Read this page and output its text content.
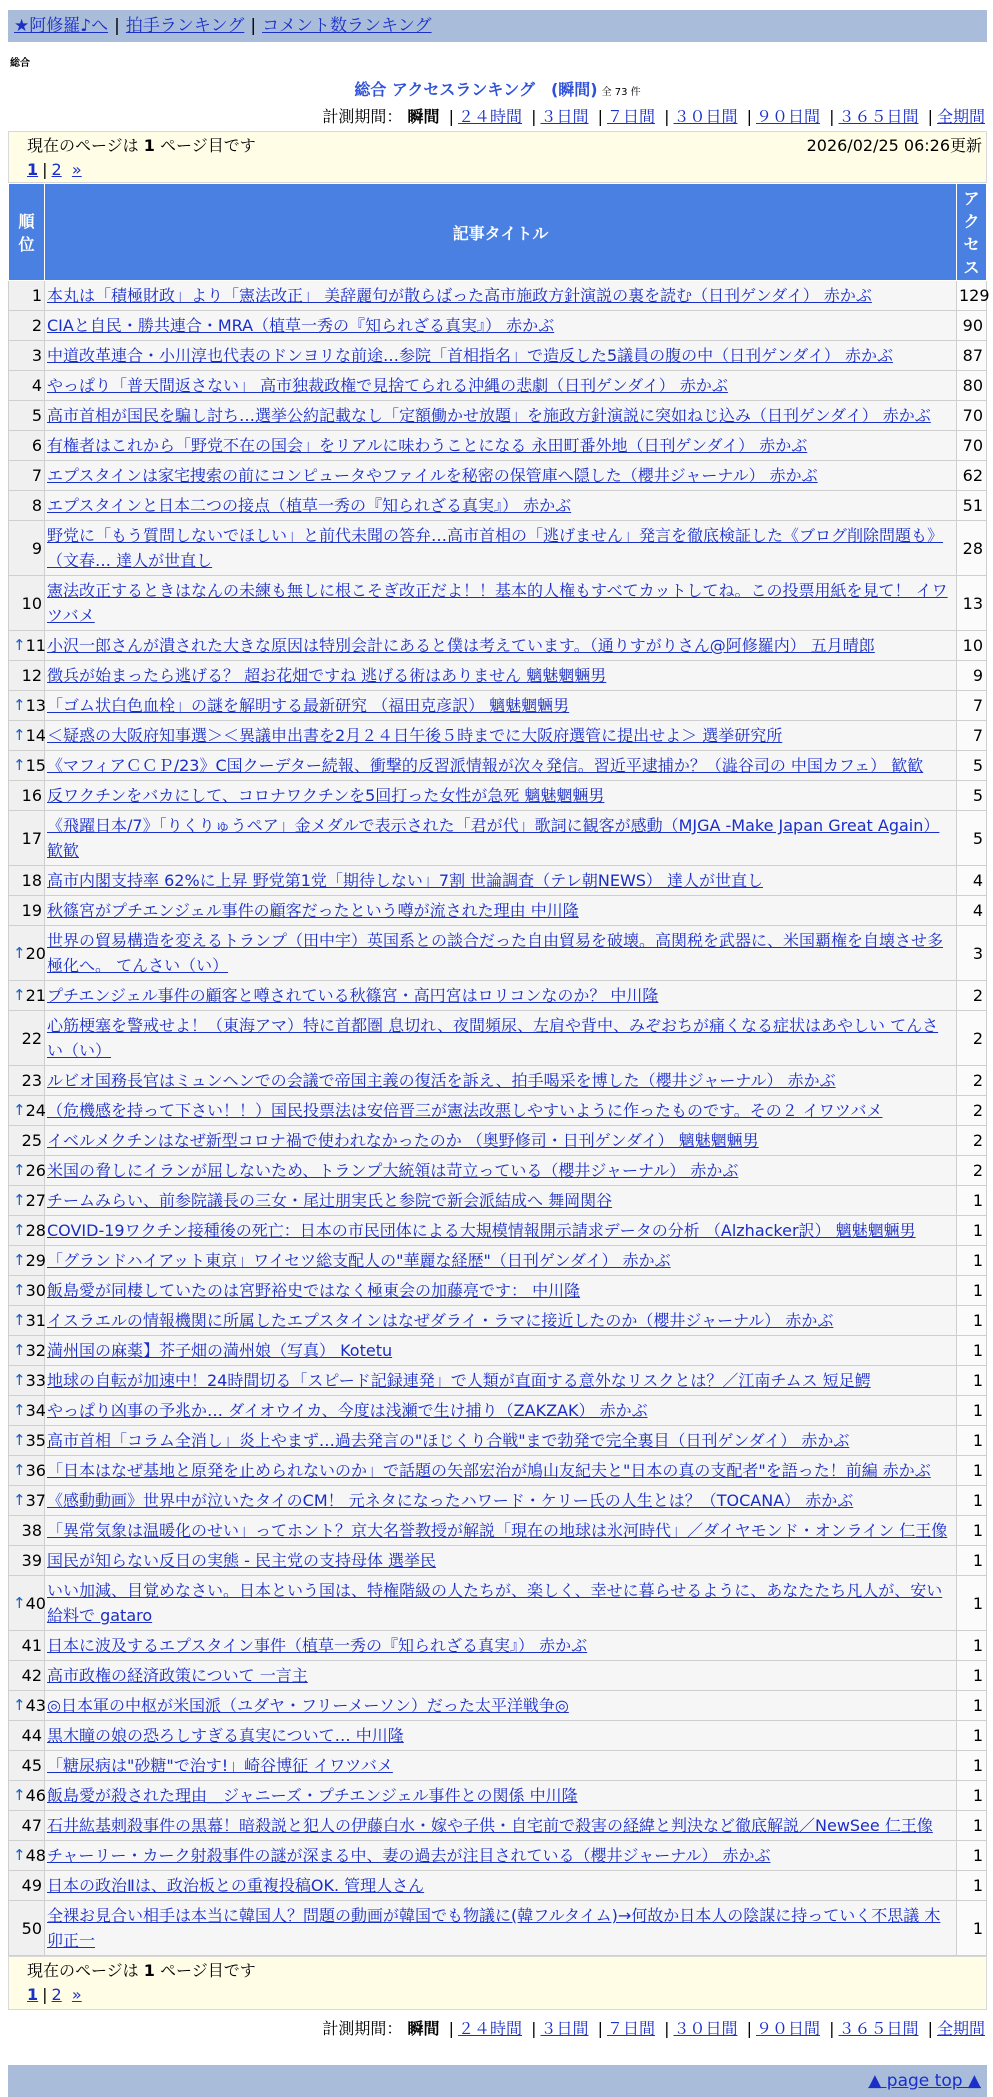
★阿修羅♪へ | 拍手ランキング | コメント数ランキング
総合
総合 アクセスランキング　(瞬間) 全 73 件
計測期間： 瞬間 | ２４時間 | ３日間 | ７日間 | ３０日間 | ９０日間 | ３６５日間 | 全期間
現在のページは 1 ページ目です	2026/02/25 06:26更新
1 | 2 »
順位	記事タイトル	アクセス
1	本丸は「積極財政」より「憲法改正」 美辞麗句が散らばった高市施政方針演説の裏を読む（日刊ゲンダイ） 赤かぶ	129
2	CIAと自民・勝共連合・MRA（植草一秀の『知られざる真実』） 赤かぶ	90
3	中道改革連合・小川淳也代表のドンヨリな前途…参院「首相指名」で造反した5議員の腹の中（日刊ゲンダイ） 赤かぶ	87
4	やっぱり「普天間返さない」 高市独裁政権で見捨てられる沖縄の悲劇（日刊ゲンダイ） 赤かぶ	80
5	高市首相が国民を騙し討ち…選挙公約記載なし「定額働かせ放題」を施政方針演説に突如ねじ込み（日刊ゲンダイ） 赤かぶ	70
6	有権者はこれから「野党不在の国会」をリアルに味わうことになる 永田町番外地（日刊ゲンダイ） 赤かぶ	70
7	エプスタインは家宅捜索の前にコンピュータやファイルを秘密の保管庫へ隠した（櫻井ジャーナル） 赤かぶ	62
8	エプスタインと日本二つの接点（植草一秀の『知られざる真実』） 赤かぶ	51
9	野党に「もう質問しないでほしい」と前代未聞の答弁…高市首相の「逃げません」発言を徹底検証した《ブログ削除問題も》（文春… 達人が世直し	28
10	憲法改正するときはなんの未練も無しに根こそぎ改正だよ！！基本的人権もすべてカットしてね。この投票用紙を見て！ イワツバメ	13

↑ 11	小沢一郎さんが潰された大きな原因は特別会計にあると僕は考えています。（通りすがりさん@阿修羅内） 五月晴郎	10
12	徴兵が始まったら逃げる？ 超お花畑ですね 逃げる術はありません 魑魅魍魎男	9

↑ 13	「ゴム状白色血栓」の謎を解明する最新研究 （福田克彦訳） 魑魅魍魎男	7

↑ 14	＜疑惑の大阪府知事選＞＜異議申出書を2月２４日午後５時までに大阪府選管に提出せよ＞ 選挙研究所	7

↑ 15	《マフィアＣＣＰ/23》C国クーデター続報、衝撃的反習派情報が次々発信。習近平逮捕か？（澁谷司の 中国カフェ） 歓歓	5
16	反ワクチンをバカにして、コロナワクチンを5回打った女性が急死 魑魅魍魎男	5
17	《飛躍日本/7》「りくりゅうペア」金メダルで表示された「君が代」歌詞に観客が感動（MJGA -Make Japan Great Again） 歓歓	5
18	高市内閣支持率 62%に上昇 野党第1党「期待しない」7割 世論調査（テレ朝NEWS） 達人が世直し	4
19	秋篠宮がプチエンジェル事件の顧客だったという噂が流された理由 中川隆	4

↑ 20	世界の貿易構造を変えるトランプ（田中宇）英国系との談合だった自由貿易を破壊。高関税を武器に、米国覇権を自壊させ多極化へ。 てんさい（い）	3

↑ 21	プチエンジェル事件の顧客と噂されている秋篠宮・高円宮はロリコンなのか？ 中川隆	2
22	心筋梗塞を警戒せよ！（東海アマ）特に首都圏 息切れ、夜間頻尿、左肩や背中、みぞおちが痛くなる症状はあやしい てんさい（い）	2
23	ルビオ国務長官はミュンヘンでの会議で帝国主義の復活を訴え、拍手喝采を博した（櫻井ジャーナル） 赤かぶ	2

↑ 24	（危機感を持って下さい！！）国民投票法は安倍晋三が憲法改悪しやすいように作ったものです。その２ イワツバメ	2
25	イベルメクチンはなぜ新型コロナ禍で使われなかったのか （奥野修司・日刊ゲンダイ） 魑魅魍魎男	2

↑ 26	米国の脅しにイランが屈しないため、トランプ大統領は苛立っている（櫻井ジャーナル） 赤かぶ	2

↑ 27	チームみらい、前参院議長の三女・尾辻朋実氏と参院で新会派結成へ 舞岡関谷	1

↑ 28	COVID-19ワクチン接種後の死亡：日本の市民団体による大規模情報開示請求データの分析 （Alzhacker訳） 魑魅魍魎男	1

↑ 29	「グランドハイアット東京」ワイセツ総支配人の"華麗な経歴"（日刊ゲンダイ） 赤かぶ	1

↑ 30	飯島愛が同棲していたのは宮野裕史ではなく極東会の加藤亮です： 中川隆	1

↑ 31	イスラエルの情報機関に所属したエプスタインはなぜダライ・ラマに接近したのか（櫻井ジャーナル） 赤かぶ	1

↑ 32	満州国の麻薬】芥子畑の満州娘（写真） Kotetu	1

↑ 33	地球の自転が加速中！24時間切る「スピード記録連発」で人類が直面する意外なリスクとは？／江南チムス 短足鰐	1

↑ 34	やっぱり凶事の予兆か… ダイオウイカ、今度は浅瀬で生け捕り（ZAKZAK） 赤かぶ	1

↑ 35	高市首相「コラム全消し」炎上やまず…過去発言の"ほじくり合戦"まで勃発で完全裏目（日刊ゲンダイ） 赤かぶ	1

↑ 36	「日本はなぜ基地と原発を止められないのか」で話題の矢部宏治が鳩山友紀夫と"日本の真の支配者"を語った！前編 赤かぶ	1

↑ 37	《感動動画》世界中が泣いたタイのCM！ 元ネタになったハワード・ケリー氏の人生とは？（TOCANA） 赤かぶ	1
38	「異常気象は温暖化のせい」ってホント？京大名誉教授が解説「現在の地球は氷河時代」／ダイヤモンド・オンライン 仁王像	1
39	国民が知らない反日の実態 - 民主党の支持母体 選挙民	1

↑ 40	いい加減、目覚めなさい。日本という国は、特権階級の人たちが、楽しく、幸せに暮らせるように、あなたたち凡人が、安い給料で gataro	1
41	日本に波及するエプスタイン事件（植草一秀の『知られざる真実』） 赤かぶ	1
42	高市政権の経済政策について 一言主	1

↑ 43	◎日本軍の中枢が米国派（ユダヤ・フリーメーソン）だった太平洋戦争◎	1
44	黒木瞳の娘の恐ろしすぎる真実について… 中川隆	1
45	「糖尿病は"砂糖"で治す!」崎谷博征 イワツバメ	1

↑ 46	飯島愛が殺された理由＿ジャニーズ・プチエンジェル事件との関係 中川隆	1
47	石井紘基刺殺事件の黒幕！暗殺説と犯人の伊藤白水・嫁や子供・自宅前で殺害の経緯と判決など徹底解説／NewSee 仁王像	1

↑ 48	チャーリー・カーク射殺事件の謎が深まる中、妻の過去が注目されている（櫻井ジャーナル） 赤かぶ	1
49	日本の政治Ⅱは、政治板との重複投稿OK. 管理人さん	1
50	全裸お見合い相手は本当に韓国人？問題の動画が韓国でも物議に(韓フルタイム)→何故か日本人の陰謀に持っていく不思議 木卯正一	1
現在のページは 1 ページ目です
1 | 2 »
計測期間： 瞬間 | ２４時間 | ３日間 | ７日間 | ３０日間 | ９０日間 | ３６５日間 | 全期間
▲ page top ▲
